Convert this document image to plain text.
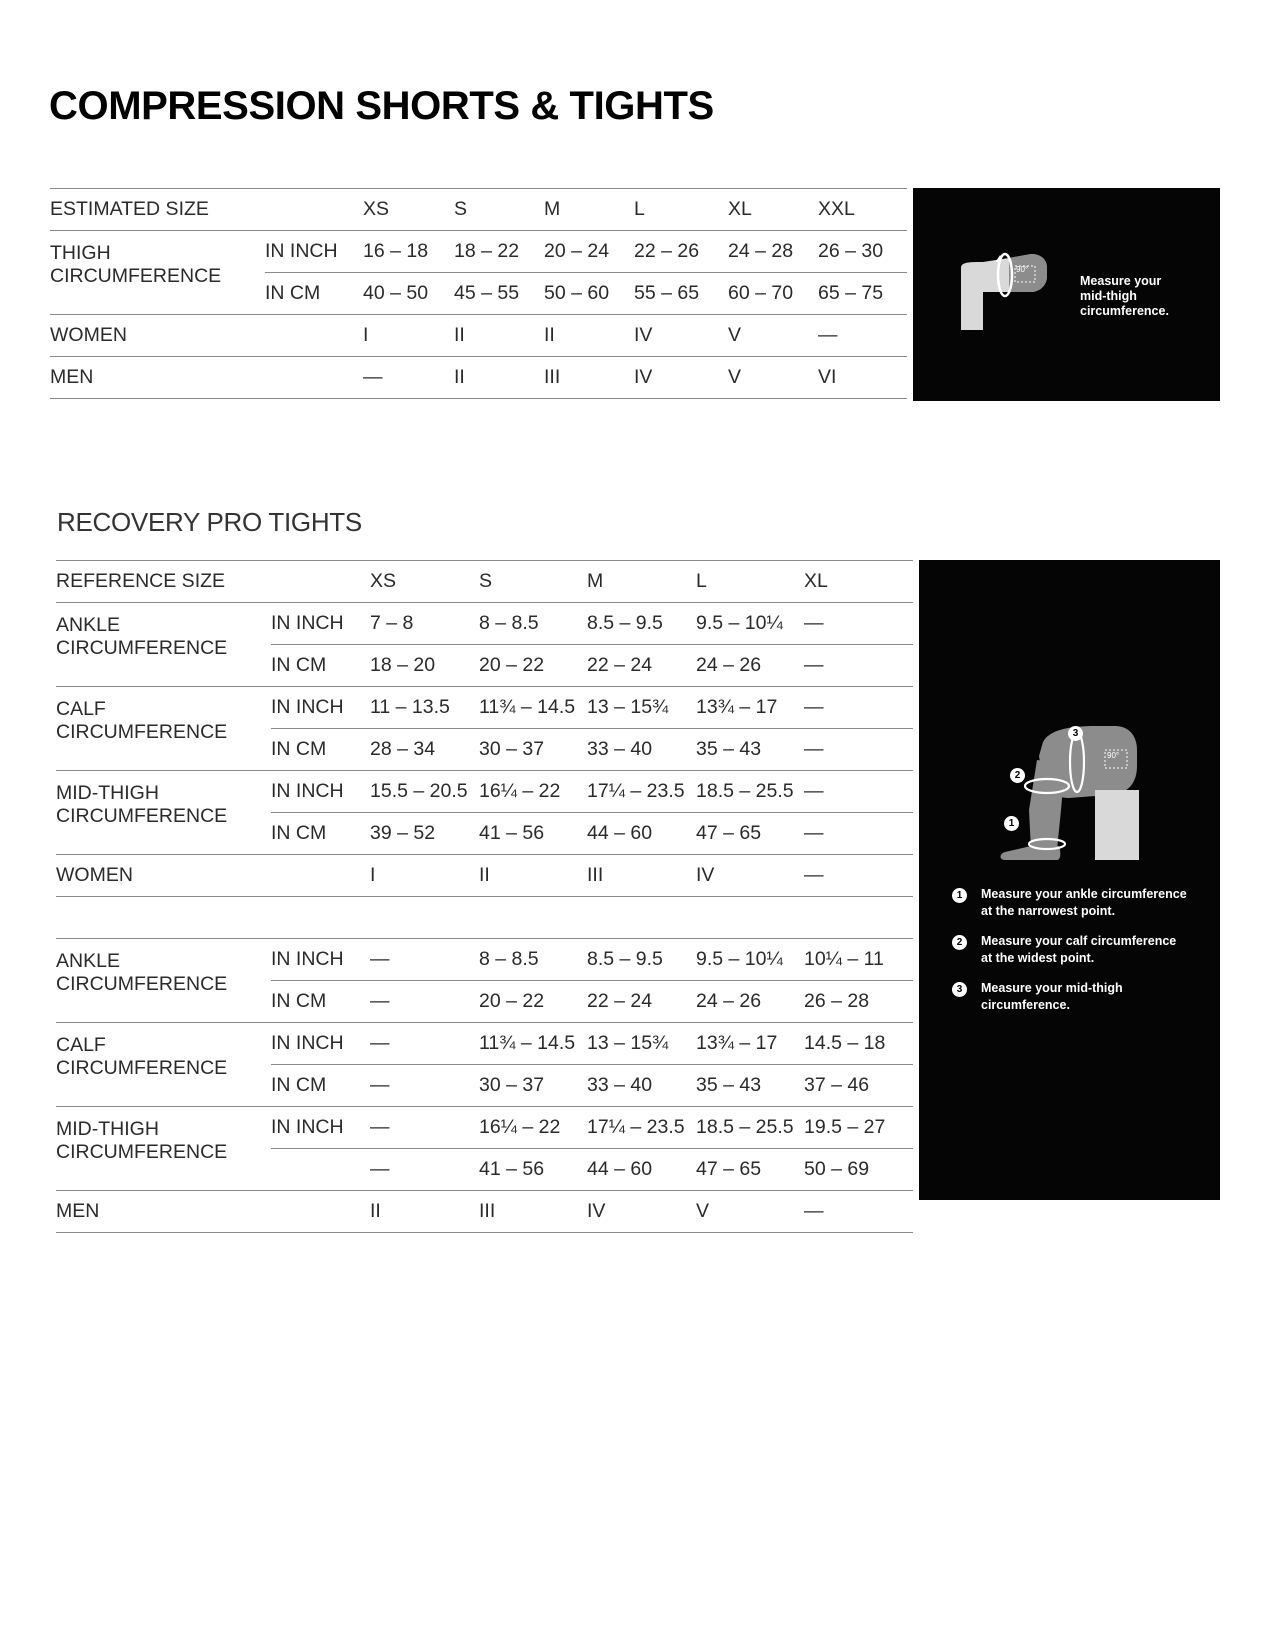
COMPRESSION SHORTS & TIGHTS
ESTIMATED SIZE		XS	S	M	L	XL	XXL
THIGH
CIRCUMFERENCE	IN INCH	16 – 18	18 – 22	20 – 24	22 – 26	24 – 28	26 – 30
	IN CM	40 – 50	45 – 55	50 – 60	55 – 65	60 – 70	65 – 75
WOMEN		I	II	II	IV	V	—
MEN		—	II	III	IV	V	VI
90°
Measure your
mid-thigh
circumference.
RECOVERY PRO TIGHTS
REFERENCE SIZE		XS	S	M	L	XL
ANKLE
CIRCUMFERENCE	IN INCH	7 – 8	8 – 8.5	8.5 – 9.5	9.5 – 10¼	—
	IN CM	18 – 20	20 – 22	22 – 24	24 – 26	—
CALF
CIRCUMFERENCE	IN INCH	11 – 13.5	11¾ – 14.5	13 – 15¾	13¾ – 17	—
	IN CM	28 – 34	30 – 37	33 – 40	35 – 43	—
MID-THIGH
CIRCUMFERENCE	IN INCH	15.5 – 20.5	16¼ – 22	17¼ – 23.5	18.5 – 25.5	—
	IN CM	39 – 52	41 – 56	44 – 60	47 – 65	—
WOMEN		I	II	III	IV	—

ANKLE
CIRCUMFERENCE	IN INCH	—	8 – 8.5	8.5 – 9.5	9.5 – 10¼	10¼ – 11
	IN CM	—	20 – 22	22 – 24	24 – 26	26 – 28
CALF
CIRCUMFERENCE	IN INCH	—	11¾ – 14.5	13 – 15¾	13¾ – 17	14.5 – 18
	IN CM	—	30 – 37	33 – 40	35 – 43	37 – 46
MID-THIGH
CIRCUMFERENCE	IN INCH	—	16¼ – 22	17¼ – 23.5	18.5 – 25.5	19.5 – 27
		—	41 – 56	44 – 60	47 – 65	50 – 69
MEN		II	III	IV	V	—
90°
1
2
3
1	Measure your ankle circumference
at the narrowest point.
2	Measure your calf circumference
at the widest point.
3	Measure your mid-thigh
circumference.
